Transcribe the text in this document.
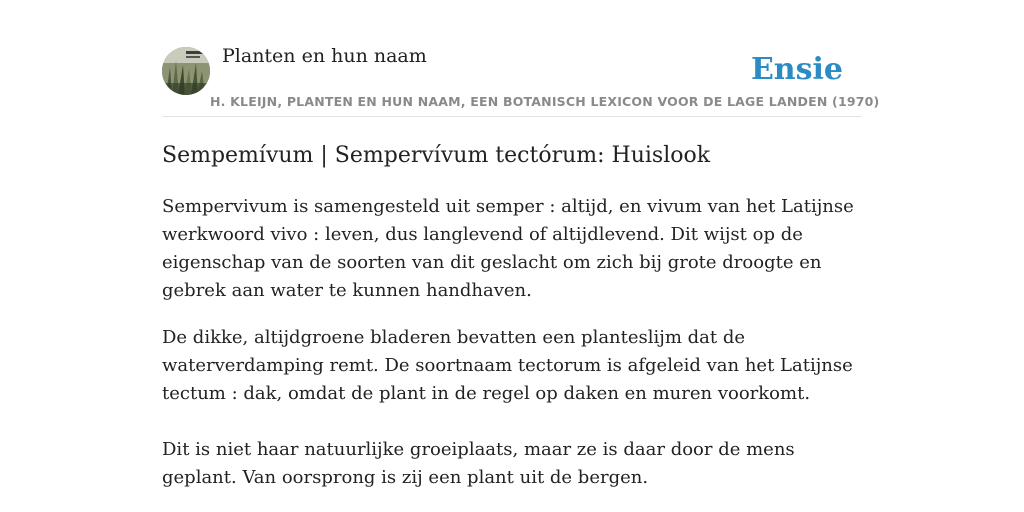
Planten en hun naam	Ensie
H. KLEIJN, PLANTEN EN HUN NAAM, EEN BOTANISCH LEXICON VOOR DE LAGE LANDEN (1970)
Sempemívum | Sempervívum tectórum: Huislook

Sempervivum is samengesteld uit semper : altijd, en vivum van het Latijnse werkwoord vivo : leven, dus langlevend of altijdlevend. Dit wijst op de eigenschap van de soorten van dit geslacht om zich bij grote droogte en gebrek aan water te kunnen handhaven.

De dikke, altijdgroene bladeren bevatten een planteslijm dat de waterverdamping remt. De soortnaam tectorum is afgeleid van het Latijnse tectum : dak, omdat de plant in de regel op daken en muren voorkomt.

Dit is niet haar natuurlijke groeiplaats, maar ze is daar door de mens geplant. Van oorsprong is zij een plant uit de bergen.
